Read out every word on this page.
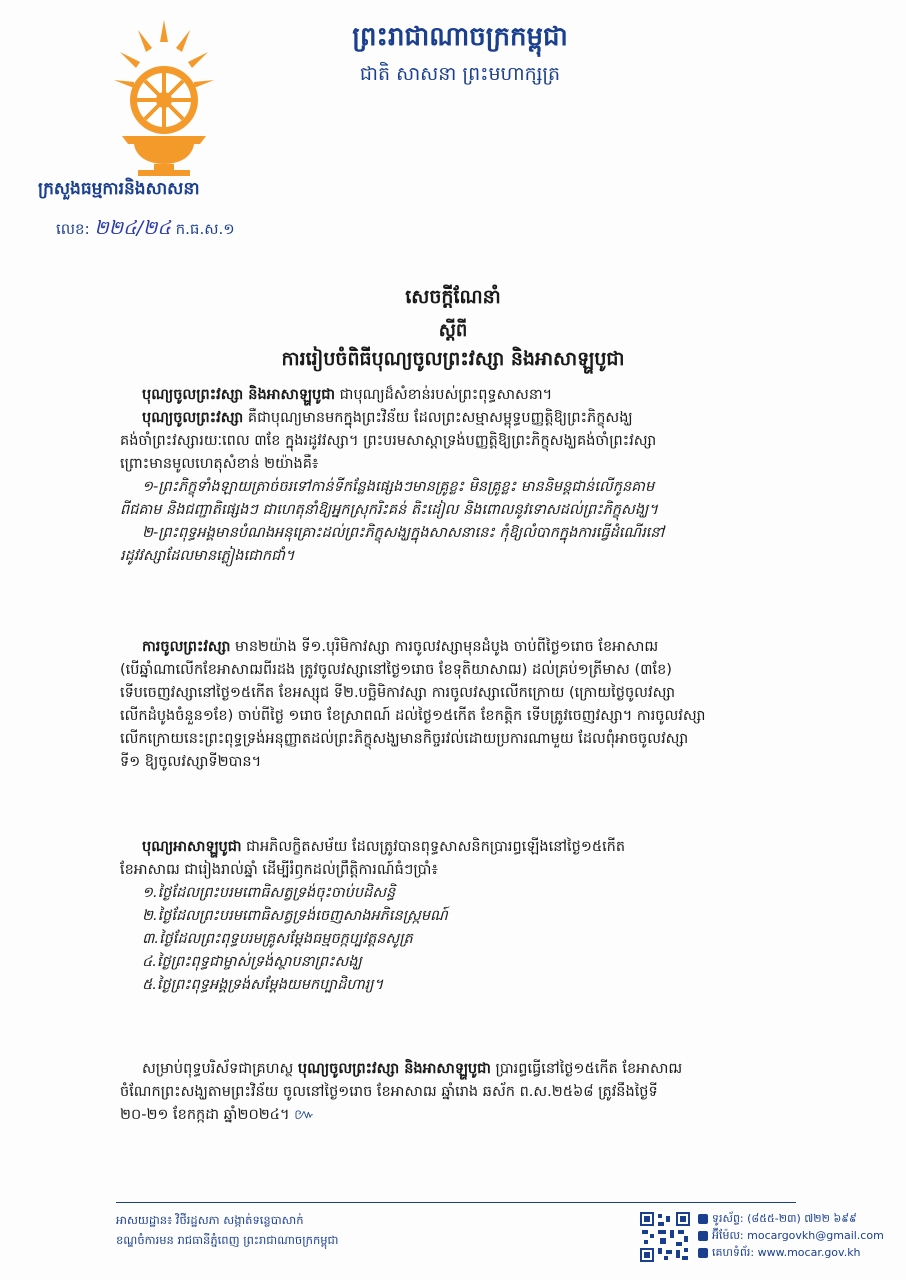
ព្រះរាជាណាចក្រកម្ពុជា
ជាតិ សាសនា ព្រះមហាក្សត្រ
ក្រសួងធម្មការនិងសាសនា
លេខ: ២២៤/២៤ ក.ធ.ស.១
សេចក្តីណែនាំ
ស្តីពី
ការរៀបចំពិធីបុណ្យចូលព្រះវស្សា និងអាសាឡ្ហបូជា
បុណ្យចូលព្រះវស្សា និងអាសាឡ្ហបូជា ជាបុណ្យដ៏សំខាន់របស់ព្រះពុទ្ធសាសនា។
បុណ្យចូលព្រះវស្សា គឺជាបុណ្យមានមកក្នុងព្រះវិន័យ ដែលព្រះសម្មាសម្ពុទ្ធបញ្ញត្តិឱ្យព្រះភិក្ខុសង្ឃ
គង់ចាំព្រះវស្សារយៈពេល ៣ខែ ក្នុងរដូវវស្សា។ ព្រះបរមសាស្តាទ្រង់បញ្ញត្តិឱ្យព្រះភិក្ខុសង្ឃគង់ចាំព្រះវស្សា
ព្រោះមានមូលហេតុសំខាន់ ២យ៉ាងគឺ៖
១-ព្រះភិក្ខុទាំងឡាយត្រាច់ចរទៅកាន់ទីកន្លែងផ្សេងៗមានគ្រូខ្លះ មិនគ្រូខ្លះ មាននិមន្តជាន់លើកូនគាម
ពីជគាម និងជញ្ជាតិផ្សេងៗ ជាហេតុនាំឱ្យអ្នកស្រុករិះគន់ តិះដៀល និងពោលនូវទោសដល់ព្រះភិក្ខុសង្ឃ។
២-ព្រះពុទ្ធអង្គមានបំណងអនុគ្រោះដល់ព្រះភិក្ខុសង្ឃក្នុងសាសនានេះ កុំឱ្យលំបាកក្នុងការធ្វើដំណើរនៅ
រដូវវស្សាដែលមានភ្លៀងជោកជាំ។
ការចូលព្រះវស្សា មាន២យ៉ាង ទី១.បុរិមិកាវស្សា ការចូលវស្សាមុនដំបូង ចាប់ពីថ្ងៃ១រោច ខែអាសាឍ
(បើឆ្នាំណាលើកខែអាសាឍពីរដង ត្រូវចូលវស្សានៅថ្ងៃ១រោច ខែទុតិយាសាឍ) ដល់គ្រប់១ត្រីមាស (៣ខែ)
ទើបចេញវស្សានៅថ្ងៃ១៥កើត ខែអស្សុជ ទី២.បច្ឆិមិកាវស្សា ការចូលវស្សាលើកក្រោយ (ក្រោយថ្ងៃចូលវស្សា
លើកដំបូងចំនួន១ខែ) ចាប់ពីថ្ងៃ ១រោច ខែស្រាពណ៍ ដល់ថ្ងៃ១៥កើត ខែកត្តិក ទើបត្រូវចេញវស្សា។ ការចូលវស្សា
លើកក្រោយនេះព្រះពុទ្ធទ្រង់អនុញ្ញាតដល់ព្រះភិក្ខុសង្ឃមានកិច្ចរវល់ដោយប្រការណាមួយ ដែលពុំអាចចូលវស្សា
ទី១ ឱ្យចូលវស្សាទី២បាន។
បុណ្យអាសាឡ្ហបូជា ជាអភិលក្ខិតសម័យ ដែលត្រូវបានពុទ្ធសាសនិកប្រារព្ធឡើងនៅថ្ងៃ១៥កើត
ខែអាសាឍ ជារៀងរាល់ឆ្នាំ ដើម្បីរំឭកដល់ព្រឹត្តិការណ៍ធំៗប្រាំ៖
១.ថ្ងៃដែលព្រះបរមពោធិសត្វទ្រង់ចុះចាប់បដិសន្ធិ
២.ថ្ងៃដែលព្រះបរមពោធិសត្វទ្រង់ចេញសាងអភិនេស្ក្រមណ៍
៣.ថ្ងៃដែលព្រះពុទ្ធបរមគ្រូសម្តែងធម្មចក្កប្បវត្តនសូត្រ
៤.ថ្ងៃព្រះពុទ្ធជាម្ចាស់ទ្រង់ស្ថាបនាព្រះសង្ឃ
៥.ថ្ងៃព្រះពុទ្ធអង្គទ្រង់សម្តែងយមកប្បាដិហារ្យ។
សម្រាប់ពុទ្ធបរិស័ទជាគ្រហស្ថ បុណ្យចូលព្រះវស្សា និងអាសាឡ្ហបូជា ប្រារព្ធធ្វើនៅថ្ងៃ១៥កើត ខែអាសាឍ
ចំណែកព្រះសង្ឃតាមព្រះវិន័យ ចូលនៅថ្ងៃ១រោច ខែអាសាឍ ឆ្នាំរោង ឆស័ក ព.ស.២៥៦៨ ត្រូវនឹងថ្ងៃទី
២០-២១ ខែកក្កដា ឆ្នាំ២០២៤។ ៚
អាសយដ្ឋាន៖ វិថីរដ្ឋសភា សង្កាត់ទន្លេបាសាក់
ខណ្ឌចំការមន រាជធានីភ្នំពេញ ព្រះរាជាណាចក្រកម្ពុជា
ទូរស័ព្ទ: (៨៥៥-២៣) ៧២២ ៦៩៩
អ៊ីម៉ែល: mocargovkh@gmail.com
គេហទំព័រ: www.mocar.gov.kh
